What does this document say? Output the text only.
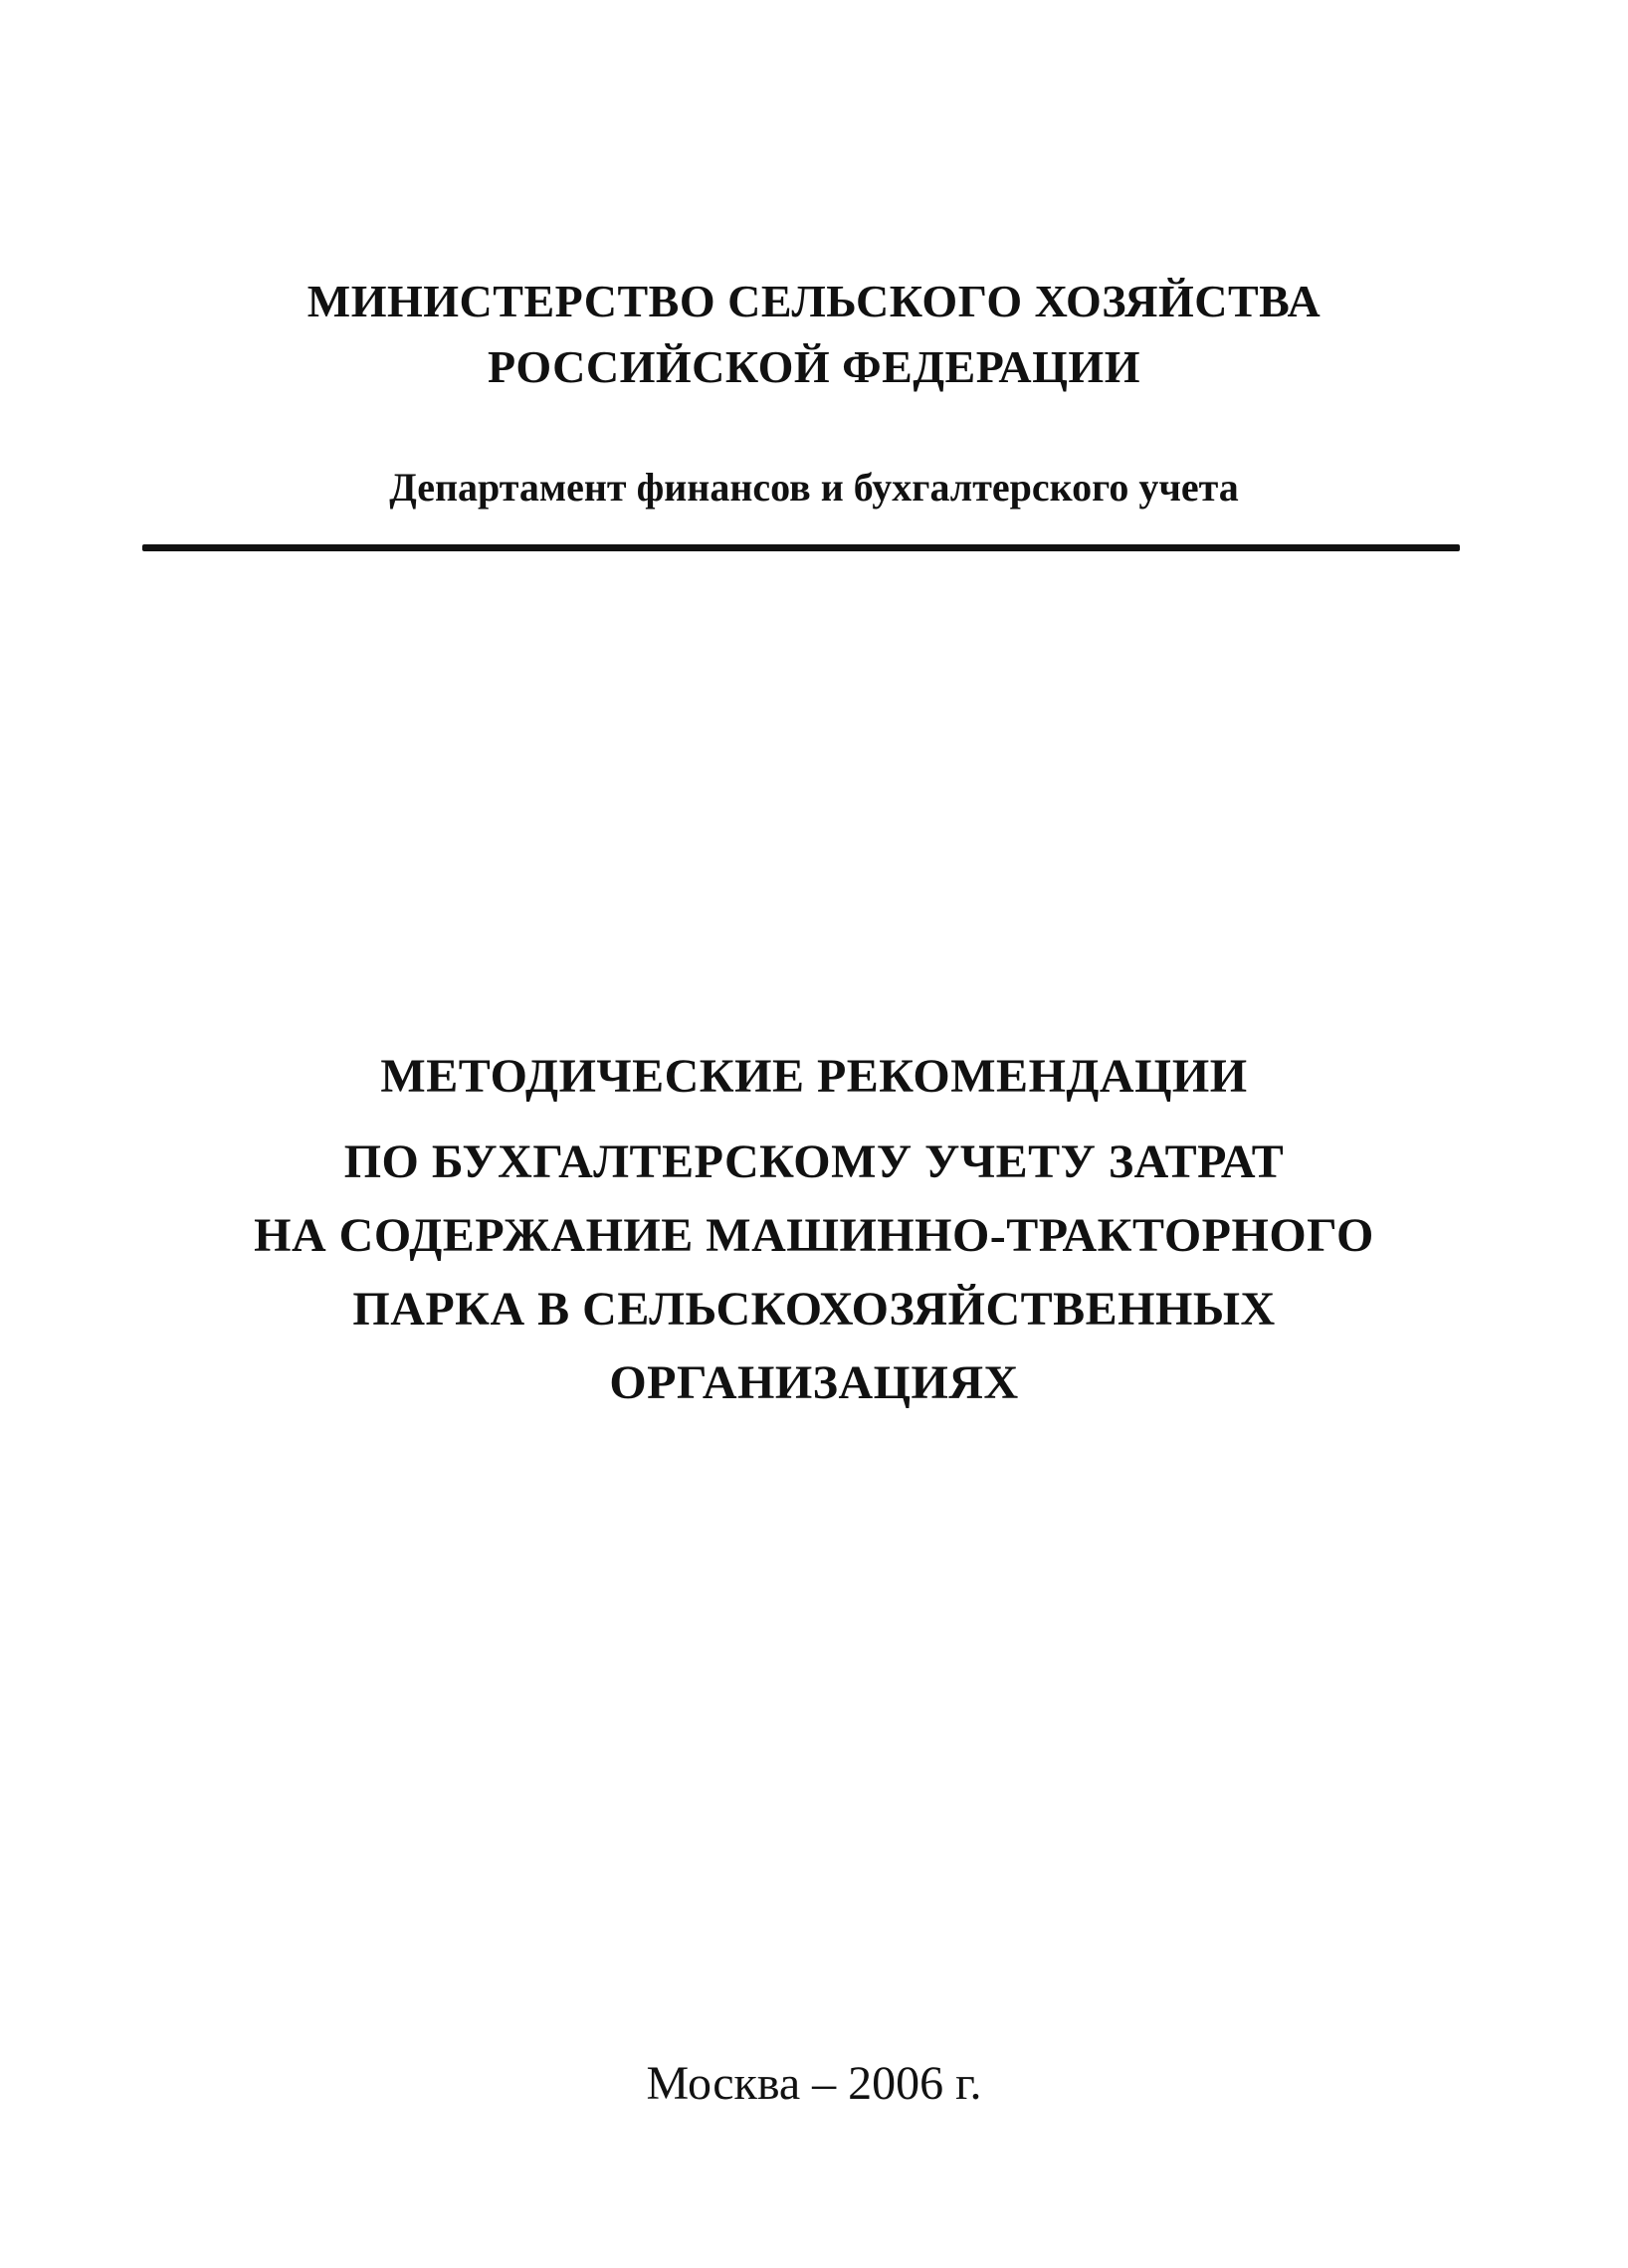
МИНИСТЕРСТВО СЕЛЬСКОГО ХОЗЯЙСТВА
РОССИЙСКОЙ ФЕДЕРАЦИИ
Департамент финансов и бухгалтерского учета
МЕТОДИЧЕСКИЕ РЕКОМЕНДАЦИИ
ПО БУХГАЛТЕРСКОМУ УЧЕТУ ЗАТРАТ
НА СОДЕРЖАНИЕ МАШИННО-ТРАКТОРНОГО
ПАРКА В СЕЛЬСКОХОЗЯЙСТВЕННЫХ
ОРГАНИЗАЦИЯХ
Москва – 2006 г.
